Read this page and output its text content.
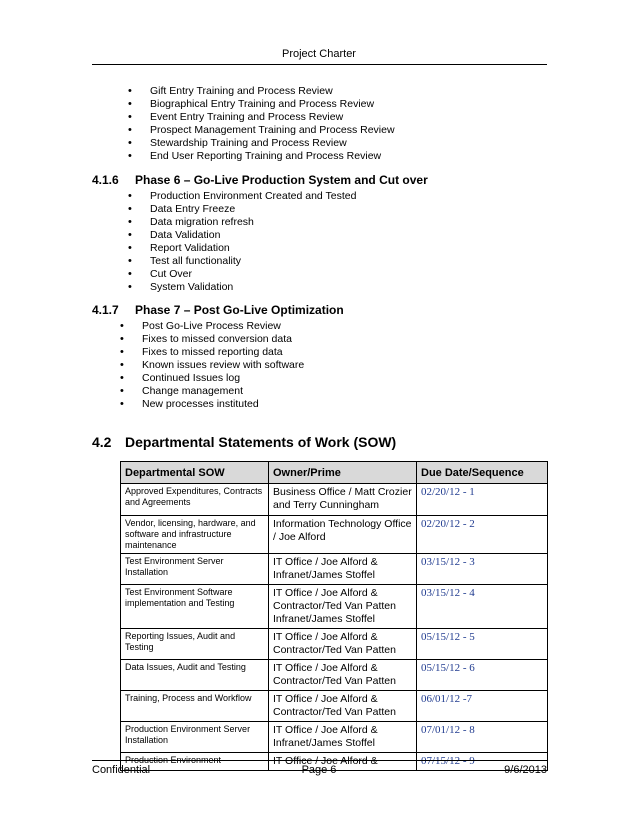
Project Charter
• Gift Entry Training and Process Review
• Biographical Entry Training and Process Review
• Event Entry Training and Process Review
• Prospect Management Training and Process Review
• Stewardship Training and Process Review
• End User Reporting Training and Process Review
4.1.6 Phase 6 – Go-Live Production System and Cut over
• Production Environment Created and Tested
• Data Entry Freeze
• Data migration refresh
• Data Validation
• Report Validation
• Test all functionality
• Cut Over
• System Validation
4.1.7 Phase 7 – Post Go-Live Optimization
• Post Go-Live Process Review
• Fixes to missed conversion data
• Fixes to missed reporting data
• Known issues review with software
• Continued Issues log
• Change management
• New processes instituted
4.2 Departmental Statements of Work (SOW)
Departmental SOW	Owner/Prime	Due Date/Sequence
Approved Expenditures, Contracts and Agreements	Business Office / Matt Crozier and Terry Cunningham	02/20/12 - 1
Vendor, licensing, hardware, and software and infrastructure maintenance	Information Technology Office / Joe Alford	02/20/12 - 2
Test Environment Server Installation	IT Office / Joe Alford & Infranet/James Stoffel	03/15/12 - 3
Test Environment Software implementation and Testing	IT Office / Joe Alford & Contractor/Ted Van Patten Infranet/James Stoffel	03/15/12 - 4
Reporting Issues, Audit and Testing	IT Office / Joe Alford & Contractor/Ted Van Patten	05/15/12 - 5
Data Issues, Audit and Testing	IT Office / Joe Alford & Contractor/Ted Van Patten	05/15/12 - 6
Training, Process and Workflow	IT Office / Joe Alford & Contractor/Ted Van Patten	06/01/12 -7
Production Environment Server Installation	IT Office / Joe Alford & Infranet/James Stoffel	07/01/12 - 8
Production Environment	IT Office / Joe Alford &	07/15/12 - 9
Confidential	Page 6	9/6/2013
